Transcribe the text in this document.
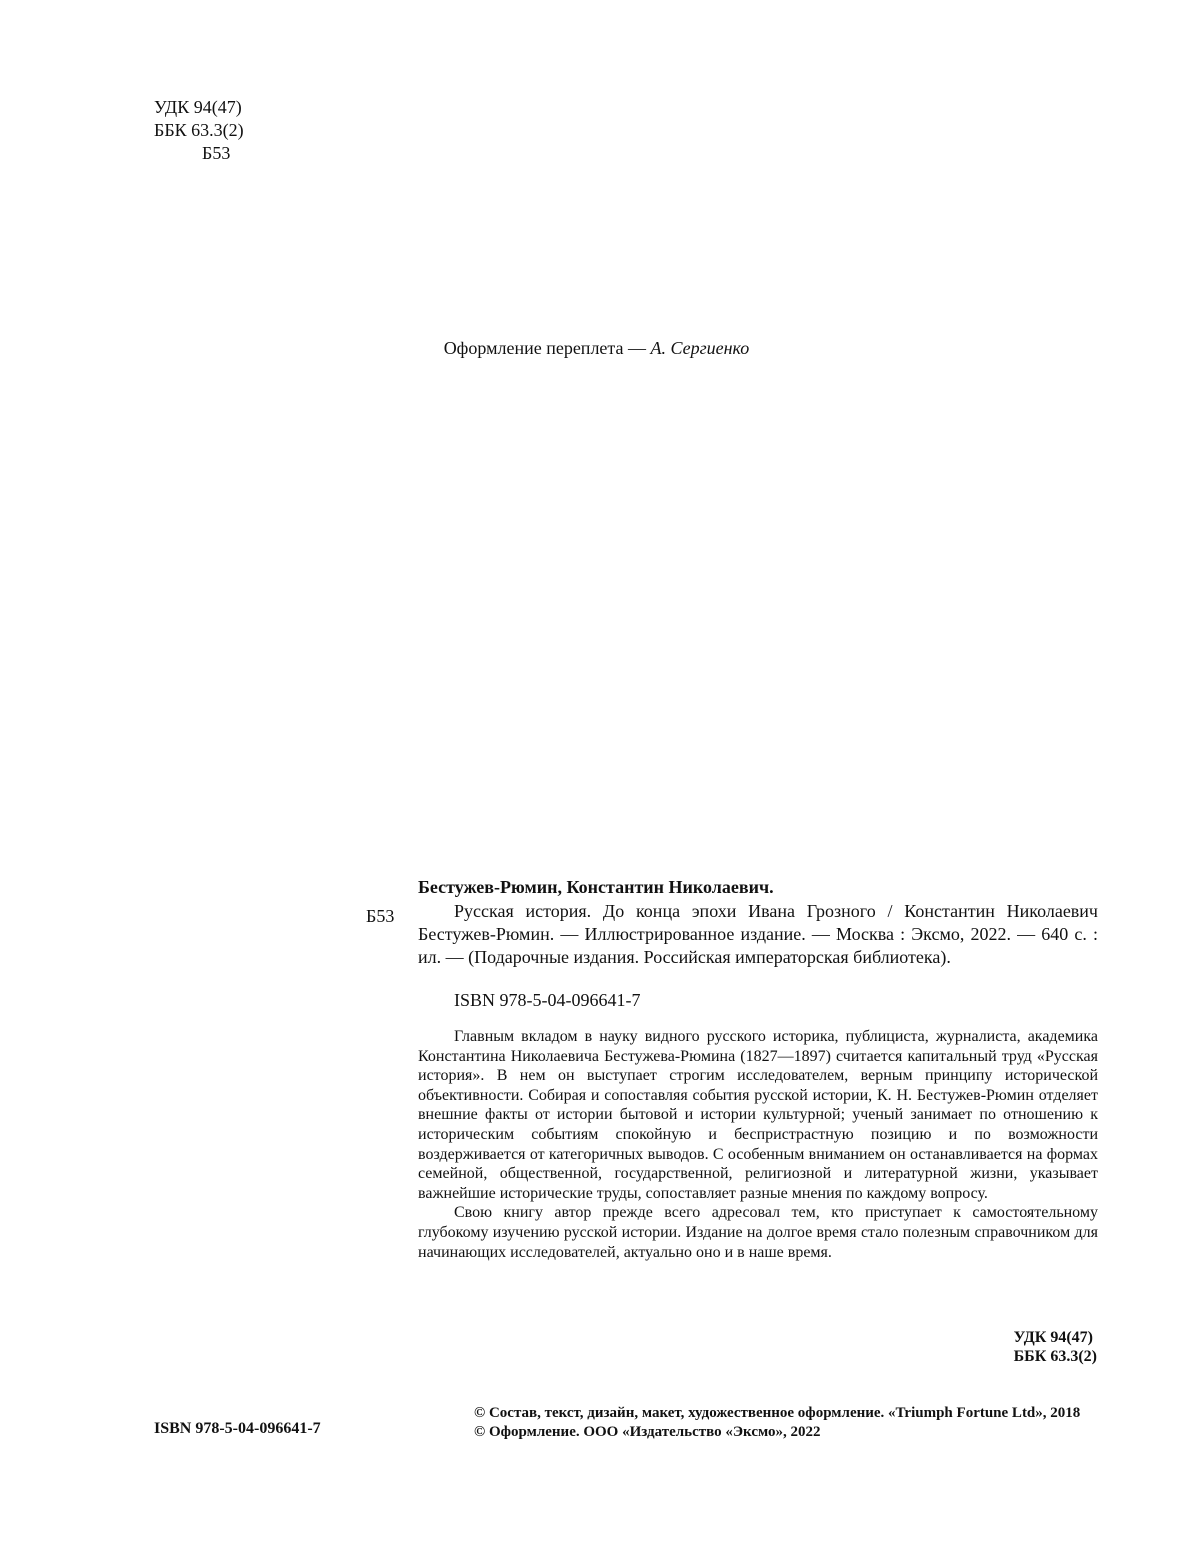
УДК 94(47)
ББК 63.3(2)
Б53
Оформление переплета — А. Сергиенко
Бестужев-Рюмин, Константин Николаевич.
Б53	Русская история. До конца эпохи Ивана Грозного / Константин Николаевич Бестужев-Рюмин. — Иллюстрированное издание. — Москва : Эксмо, 2022. — 640 с. : ил. — (Подарочные издания. Российская императорская библиотека).
ISBN 978-5-04-096641-7

Главным вкладом в науку видного русского историка, публициста, журналиста, академика Константина Николаевича Бестужева-Рюмина (1827—1897) считается капитальный труд «Русская история». В нем он выступает строгим исследователем, верным принципу исторической объективности. Собирая и сопоставляя события русской истории, К. Н. Бестужев-Рюмин отделяет внешние факты от истории бытовой и истории культурной; ученый занимает по отношению к историческим событиям спокойную и беспристрастную позицию и по возможности воздерживается от категоричных выводов. С особенным вниманием он останавливается на формах семейной, общественной, государственной, религиозной и литературной жизни, указывает важнейшие исторические труды, сопоставляет разные мнения по каждому вопросу.

Свою книгу автор прежде всего адресовал тем, кто приступает к самостоятельному глубокому изучению русской истории. Издание на долгое время стало полезным справочником для начинающих исследователей, актуально оно и в наше время.

УДК 94(47)
ББК 63.3(2)
ISBN 978-5-04-096641-7
© Состав, текст, дизайн, макет, художественное оформление. «Triumph Fortune Ltd», 2018
© Оформление. ООО «Издательство «Эксмо», 2022
